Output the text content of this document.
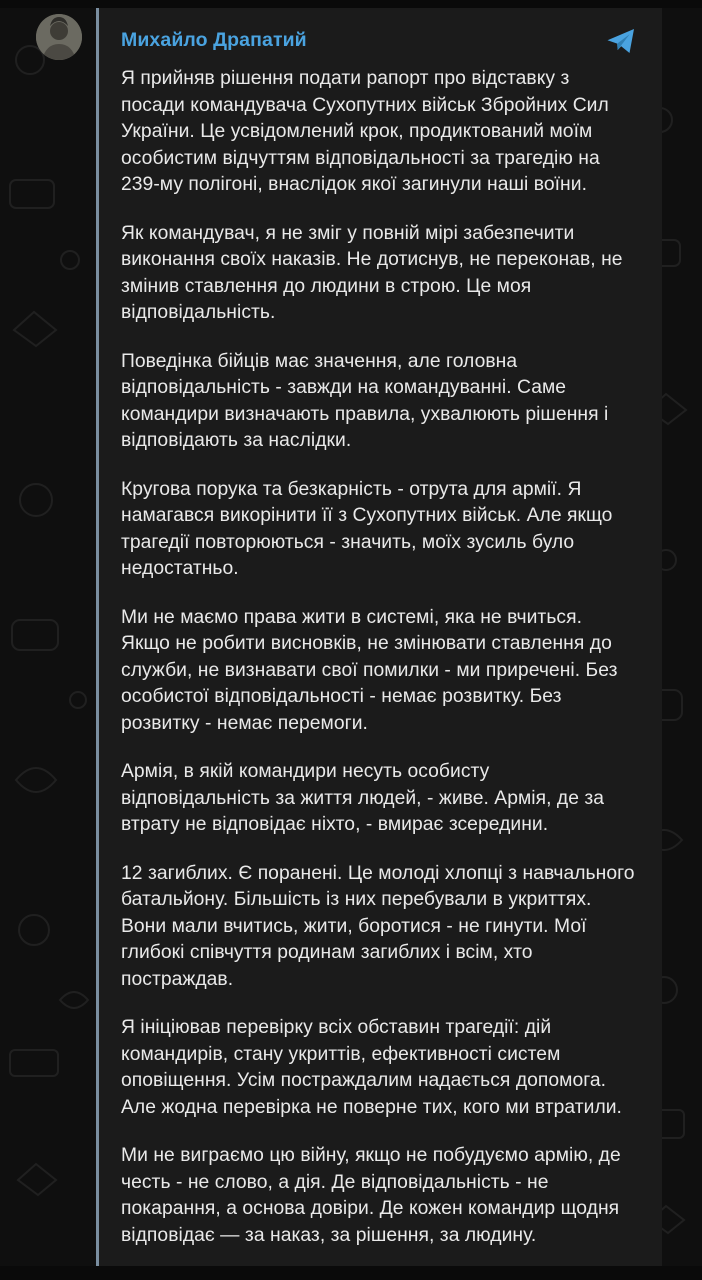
Михайло Драпатий

Я прийняв рішення подати рапорт про відставку з посади командувача Сухопутних військ Збройних Сил України. Це усвідомлений крок, продиктований моїм особистим відчуттям відповідальності за трагедію на 239-му полігоні, внаслідок якої загинули наші воїни.

Як командувач, я не зміг у повній мірі забезпечити виконання своїх наказів. Не дотиснув, не переконав, не змінив ставлення до людини в строю. Це моя відповідальність.

Поведінка бійців має значення, але головна відповідальність - завжди на командуванні. Саме командири визначають правила, ухвалюють рішення і відповідають за наслідки.

Кругова порука та безкарність - отрута для армії. Я намагався викорінити її з Сухопутних військ. Але якщо трагедії повторюються - значить, моїх зусиль було недостатньо.

Ми не маємо права жити в системі, яка не вчиться. Якщо не робити висновків, не змінювати ставлення до служби, не визнавати свої помилки - ми приречені. Без особистої відповідальності - немає розвитку. Без розвитку - немає перемоги.

Армія, в якій командири несуть особисту відповідальність за життя людей, - живе. Армія, де за втрату не відповідає ніхто, - вмирає зсередини.

12 загиблих. Є поранені. Це молоді хлопці з навчального батальйону. Більшість із них перебували в укриттях. Вони мали вчитись, жити, боротися - не гинути. Мої глибокі співчуття родинам загиблих і всім, хто постраждав.

Я ініціював перевірку всіх обставин трагедії: дій командирів, стану укриттів, ефективності систем оповіщення. Усім постраждалим надається допомога. Але жодна перевірка не поверне тих, кого ми втратили.

Ми не виграємо цю війну, якщо не побудуємо армію, де честь - не слово, а дія. Де відповідальність - не покарання, а основа довіри. Де кожен командир щодня відповідає — за наказ, за рішення, за людину.
